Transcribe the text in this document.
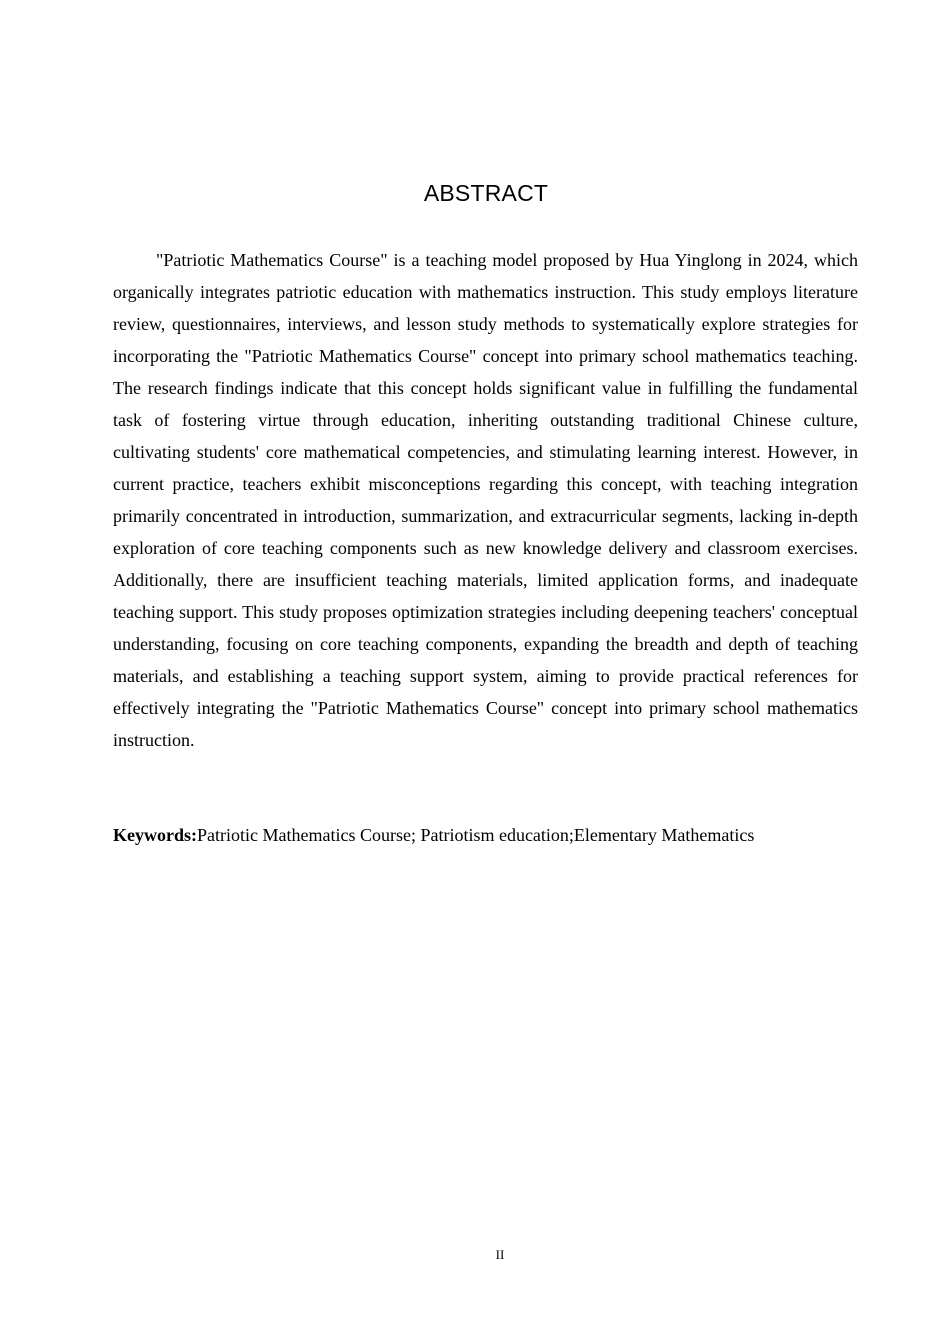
ABSTRACT

"Patriotic Mathematics Course" is a teaching model proposed by Hua Yinglong in 2024, which organically integrates patriotic education with mathematics instruction. This study employs literature review, questionnaires, interviews, and lesson study methods to systematically explore strategies for incorporating the "Patriotic Mathematics Course" concept into primary school mathematics teaching. The research findings indicate that this concept holds significant value in fulfilling the fundamental task of fostering virtue through education, inheriting outstanding traditional Chinese culture, cultivating students' core mathematical competencies, and stimulating learning interest. However, in current practice, teachers exhibit misconceptions regarding this concept, with teaching integration primarily concentrated in introduction, summarization, and extracurricular segments, lacking in-depth exploration of core teaching components such as new knowledge delivery and classroom exercises. Additionally, there are insufficient teaching materials, limited application forms, and inadequate teaching support. This study proposes optimization strategies including deepening teachers' conceptual understanding, focusing on core teaching components, expanding the breadth and depth of teaching materials, and establishing a teaching support system, aiming to provide practical references for effectively integrating the "Patriotic Mathematics Course" concept into primary school mathematics instruction.

Keywords:Patriotic Mathematics Course; Patriotism education;Elementary Mathematics

II
